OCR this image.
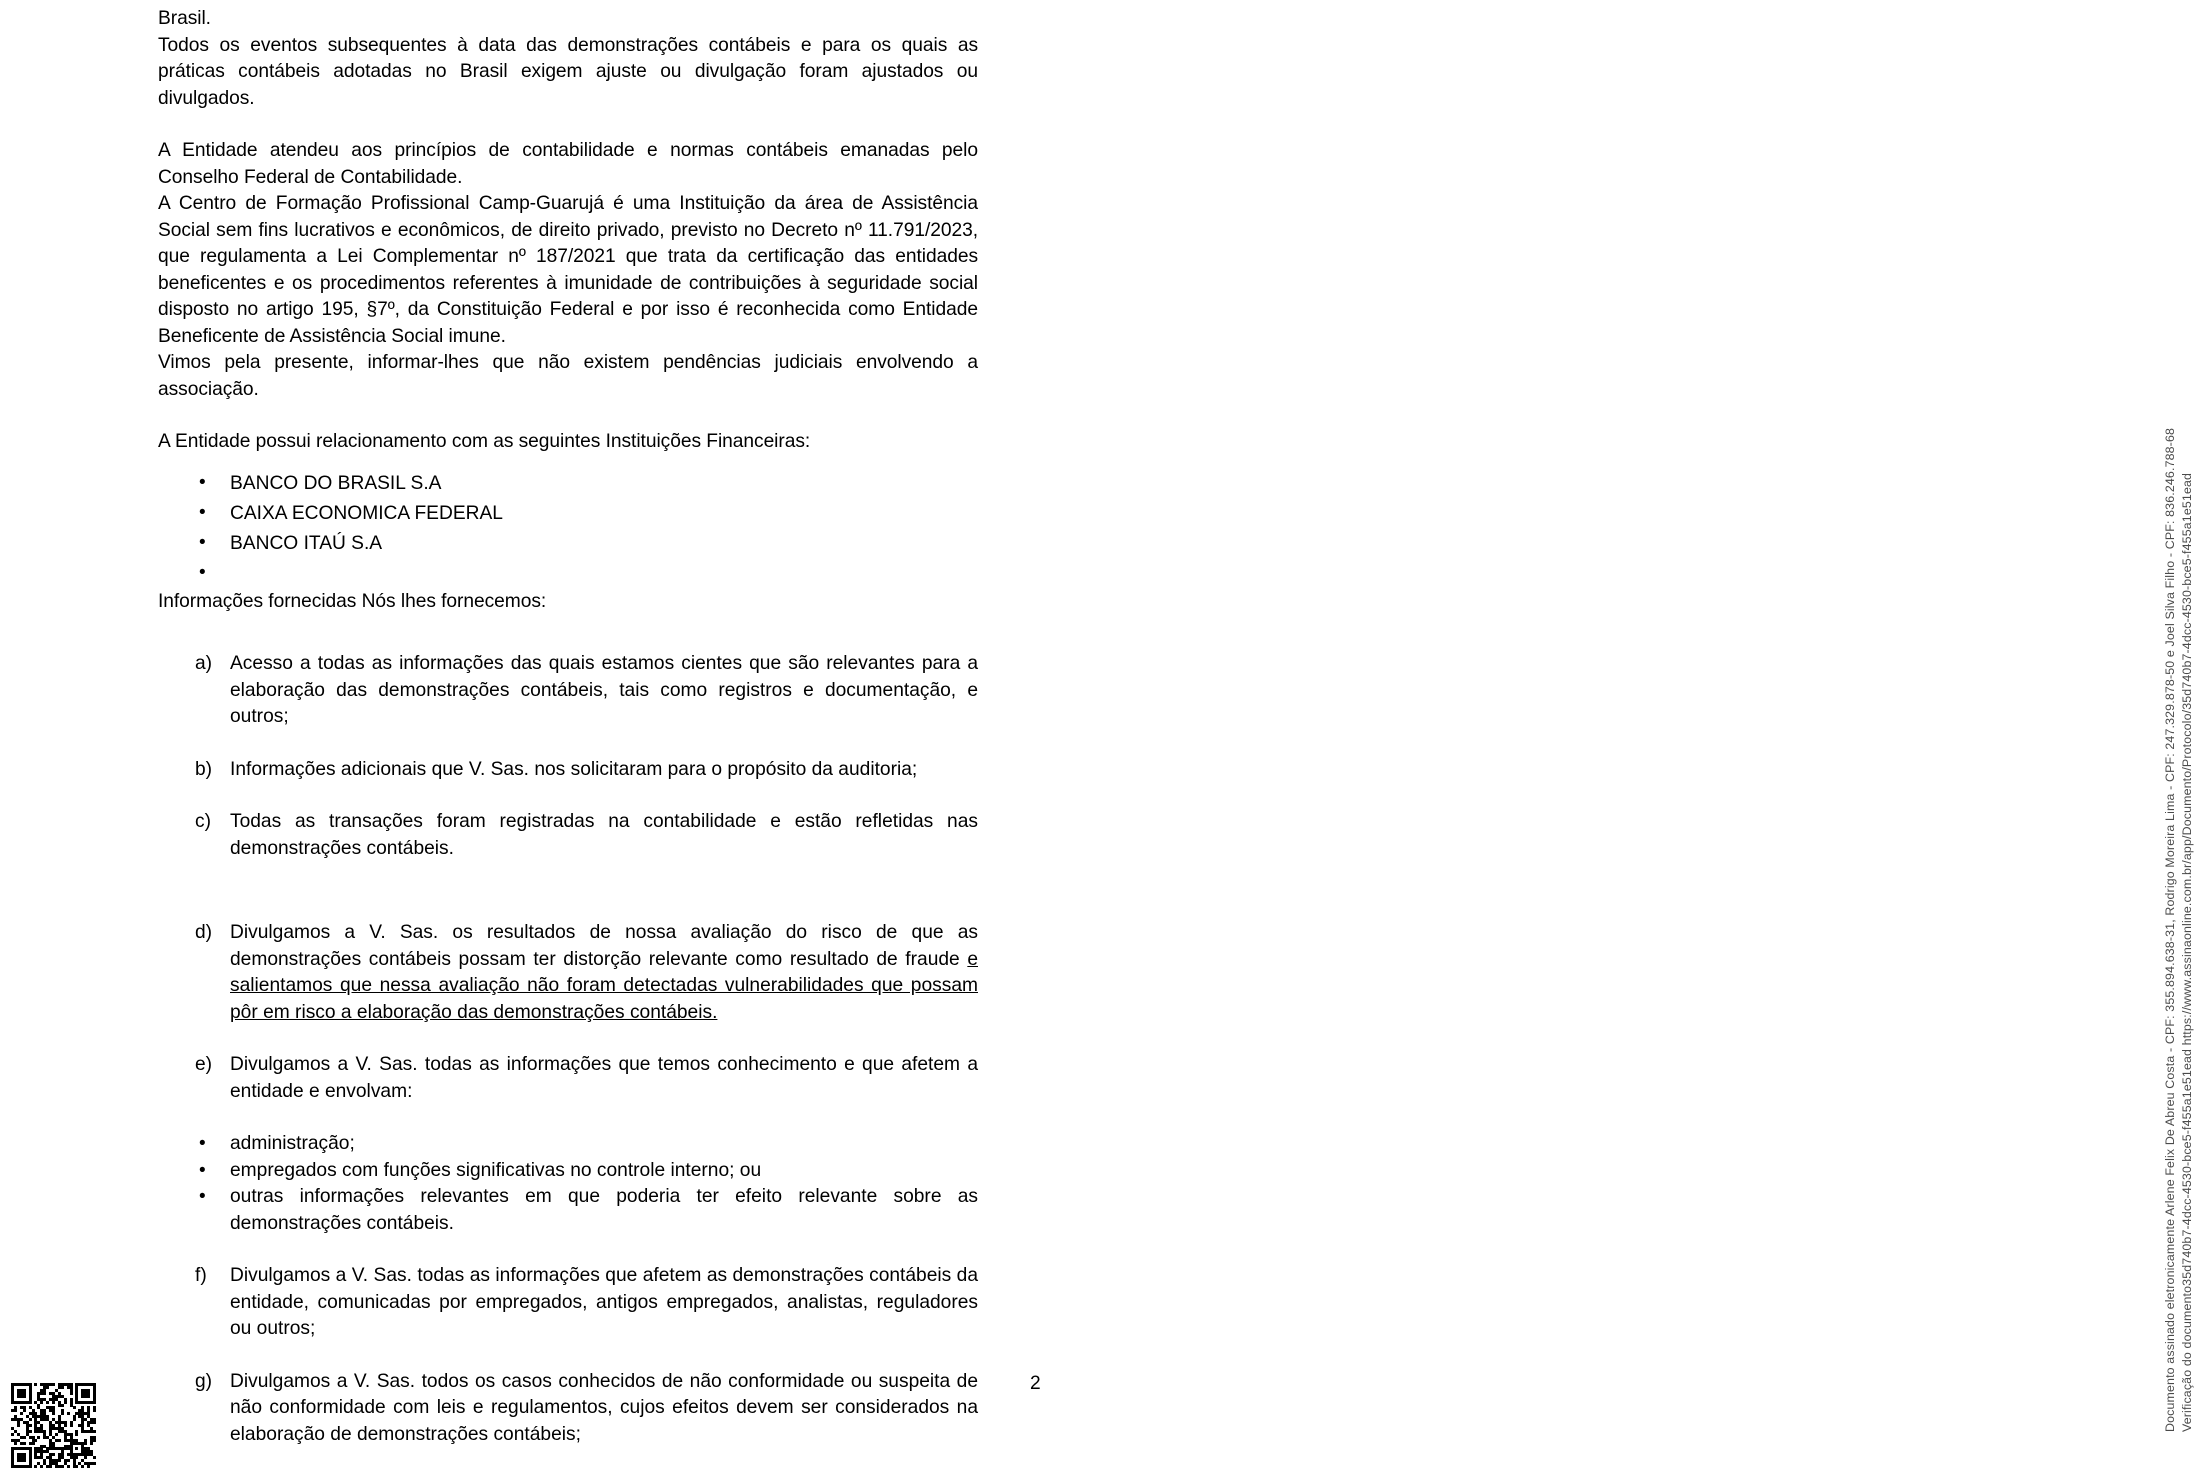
Brasil.

Todos os eventos subsequentes à data das demonstrações contábeis e para os quais as práticas contábeis adotadas no Brasil exigem ajuste ou divulgação foram ajustados ou divulgados.

A Entidade atendeu aos princípios de contabilidade e normas contábeis emanadas pelo Conselho Federal de Contabilidade.

A Centro de Formação Profissional Camp-Guarujá é uma Instituição da área de Assistência Social sem fins lucrativos e econômicos, de direito privado, previsto no Decreto nº 11.791/2023, que regulamenta a Lei Complementar nº 187/2021 que trata da certificação das entidades beneficentes e os procedimentos referentes à imunidade de contribuições à seguridade social disposto no artigo 195, §7º, da Constituição Federal e por isso é reconhecida como Entidade Beneficente de Assistência Social imune.

Vimos pela presente, informar-lhes que não existem pendências judiciais envolvendo a associação.

A Entidade possui relacionamento com as seguintes Instituições Financeiras:

• BANCO DO BRASIL S.A
• CAIXA ECONOMICA FEDERAL
• BANCO ITAÚ S.A
•

Informações fornecidas Nós lhes fornecemos:

a) Acesso a todas as informações das quais estamos cientes que são relevantes para a elaboração das demonstrações contábeis, tais como registros e documentação, e outros;
b) Informações adicionais que V. Sas. nos solicitaram para o propósito da auditoria;
c) Todas as transações foram registradas na contabilidade e estão refletidas nas demonstrações contábeis.
d) Divulgamos a V. Sas. os resultados de nossa avaliação do risco de que as demonstrações contábeis possam ter distorção relevante como resultado de fraude e salientamos que nessa avaliação não foram detectadas vulnerabilidades que possam pôr em risco a elaboração das demonstrações contábeis.
e) Divulgamos a V. Sas. todas as informações que temos conhecimento e que afetem a entidade e envolvam:
• administração;
• empregados com funções significativas no controle interno; ou
• outras informações relevantes em que poderia ter efeito relevante sobre as demonstrações contábeis.
f) Divulgamos a V. Sas. todas as informações que afetem as demonstrações contábeis da entidade, comunicadas por empregados, antigos empregados, analistas, reguladores ou outros;
g) Divulgamos a V. Sas. todos os casos conhecidos de não conformidade ou suspeita de não conformidade com leis e regulamentos, cujos efeitos devem ser considerados na elaboração de demonstrações contábeis;
Documento assinado eletronicamente Arlene Felix De Abreu Costa - CPF: 355.894.638-31, Rodrigo Moreira Lima - CPF: 247.329.878-50 e Joel Silva Filho - CPF: 836.246.788-68 Verificação do documento35d740b7-4dcc-4530-bce5-f455a1e51ead https://www.assinaonline.com.br/app/Documento/Protocolo/35d740b7-4dcc-4530-bce5-f455a1e51ead
2
